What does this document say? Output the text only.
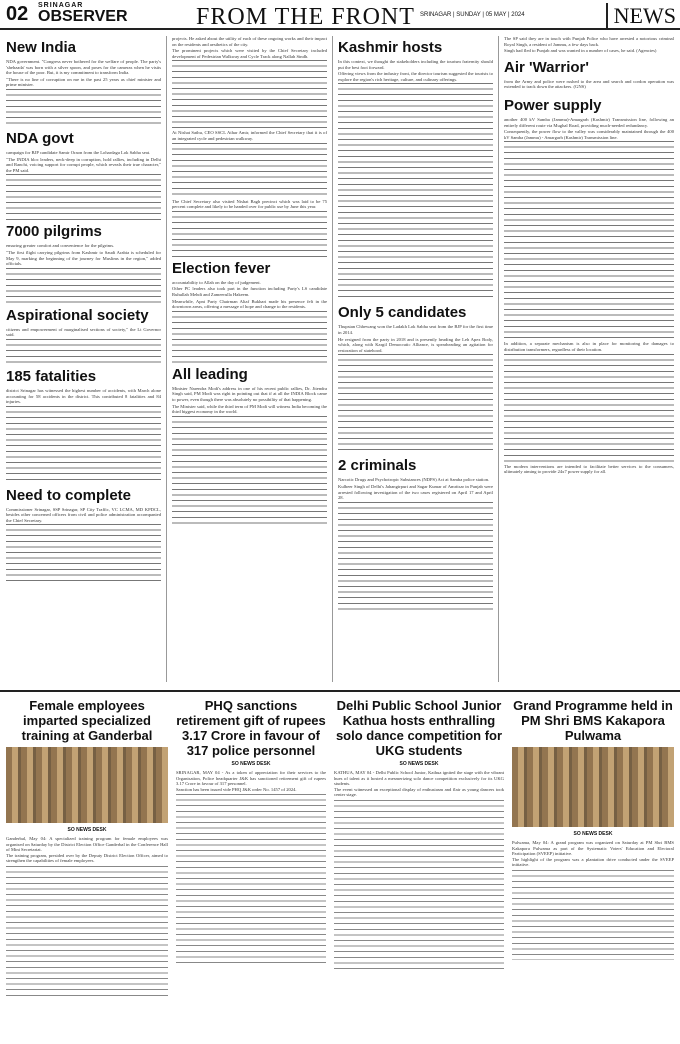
02 SRINAGAR
OBSERVER	FROM THE FRONT SRINAGAR | SUNDAY | 05 MAY | 2024	NEWS
New India

NDA government. "Congress never bothered for the welfare of people. The party's 'shehzada' was born with a silver spoon, and poses for the cameras when he visits the house of the poor. But, it is my commitment to transform India.

"There is no line of corruption on me in the past 25 years as chief minister and prime minister.

NDA govt

campaign for BJP candidate Samir Oraon from the Lohardaga Lok Sabha seat.

"The INDIA bloc leaders, neck-deep in corruption, hold rallies, including in Delhi and Ranchi, voicing support for corrupt people, which reveals their true character," the PM said.

7000 pilgrims

ensuring greater comfort and convenience for the pilgrims.

"The first flight carrying pilgrims from Kashmir to Saudi Arabia is scheduled for May 9, marking the beginning of the journey for Muslims in the region," added officials.

Aspirational society

citizens and empowerment of marginalised sections of society," the Lt Governor said.

185 fatalities

district Srinagar has witnessed the highest number of accidents, with March alone accounting for 58 accidents in the district. This contributed 8 fatalities and 84 injuries.

Need to complete

Commissioner Srinagar, SSP Srinagar, SP City Traffic, VC LCMA, MD KPDCL, besides other concerned officers from civil and police administration accompanied the Chief Secretary.

projects. He asked about the utility of each of these ongoing works and their impact on the residents and aesthetics of the city.

The prominent projects which were visited by the Chief Secretary included development of Pedestrian Walkway and Cycle Track along Nallah Sindh.

At Nishat Sathu, CEO SSCL Athar Amir, informed the Chief Secretary that it is of an integrated cycle and pedestrian walkway.

The Chief Secretary also visited Nishat Bagh precinct which was laid to be 75 percent complete and likely to be handed over for public use by June this year.

Election fever

accountability to Allah on the day of judgement.

Other PC leaders also took part in the function including Party's LS candidate Ruhullah Mehdi and Zameerulla Hakeem.

Meanwhile, Apni Party Chairman Altaf Bukhari made his presence felt in the downtown areas, offering a message of hope and change to the residents.

All leading

Minister Narendra Modi's address in one of his recent public rallies, Dr. Jitendra Singh said, PM Modi was right in pointing out that if at all the INDIA Block came to power, even though there was absolutely no possibility of that happening.

The Minister said, while the third term of PM Modi will witness India becoming the third biggest economy in the world.

Kashmir hosts

In this context, we thought the stakeholders including the tourism fraternity should put the best foot forward.

Offering views from the industry front, the director tourism suggested the tourists to explore the region's rich heritage, culture, and culinary offerings.

Only 5 candidates

Thupstan Chhewang won the Ladakh Lok Sabha seat from the BJP for the first time in 2014.

He resigned from the party in 2018 and is presently heading the Leh Apex Body, which, along with Kargil Democratic Alliance, is spearheading an agitation for restoration of statehood.

2 criminals

Narcotic Drugs and Psychotropic Substances (NDPS) Act at Samba police station.

Kulbeer Singh of Delhi's Jahangirpuri and Sagar Kumar of Amritsar in Punjab were arrested following investigation of the two cases registered on April 17 and April 28.

The SP said they are in touch with Punjab Police who have arrested a notorious criminal Royal Singh, a resident of Jammu, a few days back.

Singh had fled to Punjab and was wanted in a number of cases, he said. (Agencies)

Air 'Warrior'

from the Army and police were rushed to the area and search and cordon operation was extended to track down the attackers. (GNS)

Power supply

another 400 kV Samba (Jammu)-Amargarh (Kashmir) Transmission line, following an entirely different route via Mughal Road, providing much-needed redundancy.

Consequently, the power flow to the valley was considerably maintained through the 400 kV Samba (Jammu) - Amargarh (Kashmir) Transmission line.

In addition, a separate mechanism is also in place for monitoring the damages to distribution transformers, regardless of their location.

The modern interventions are intended to facilitate better services to the consumers, ultimately aiming to provide 24x7 power supply for all.

Female employees imparted specialized training at Ganderbal
SO NEWS DESK
Ganderbal, May 04: A specialized training program for female employees was organised on Saturday by the District Election Office Ganderbal in the Conference Hall of Mini Secretariat.
The training program, presided over by the Deputy District Election Officer, aimed to strengthen the capabilities of female employees.
PHQ sanctions retirement gift of rupees 3.17 Crore in favour of 317 police personnel
SO NEWS DESK
SRINAGAR, MAY 04 - As a token of appreciation for their services to the Organisation, Police headquarter J&K has sanctioned retirement gift of rupees 3.17 Crore in favour of 317 personnel.
Sanction has been issued vide PHQ J&K order No. 1457 of 2024.
Delhi Public School Junior Kathua hosts enthralling solo dance competition for UKG students
SO NEWS DESK
KATHUA, MAY 04 - Delhi Public School Junior, Kathua ignited the stage with the vibrant hues of talent as it hosted a mesmerizing solo dance competition exclusively for its UKG students.
The event witnessed an exceptional display of enthusiasm and flair as young dancers took center stage.
Grand Programme held in PM Shri BMS Kakapora Pulwama
SO NEWS DESK
Pulwama, May 04: A grand program was organized on Saturday at PM Shri BMS Kakapora Pulwama as part of the Systematic Voters' Education and Electoral Participation (SVEEP) initiative.
The highlight of the program was a plantation drive conducted under the SVEEP initiative.
